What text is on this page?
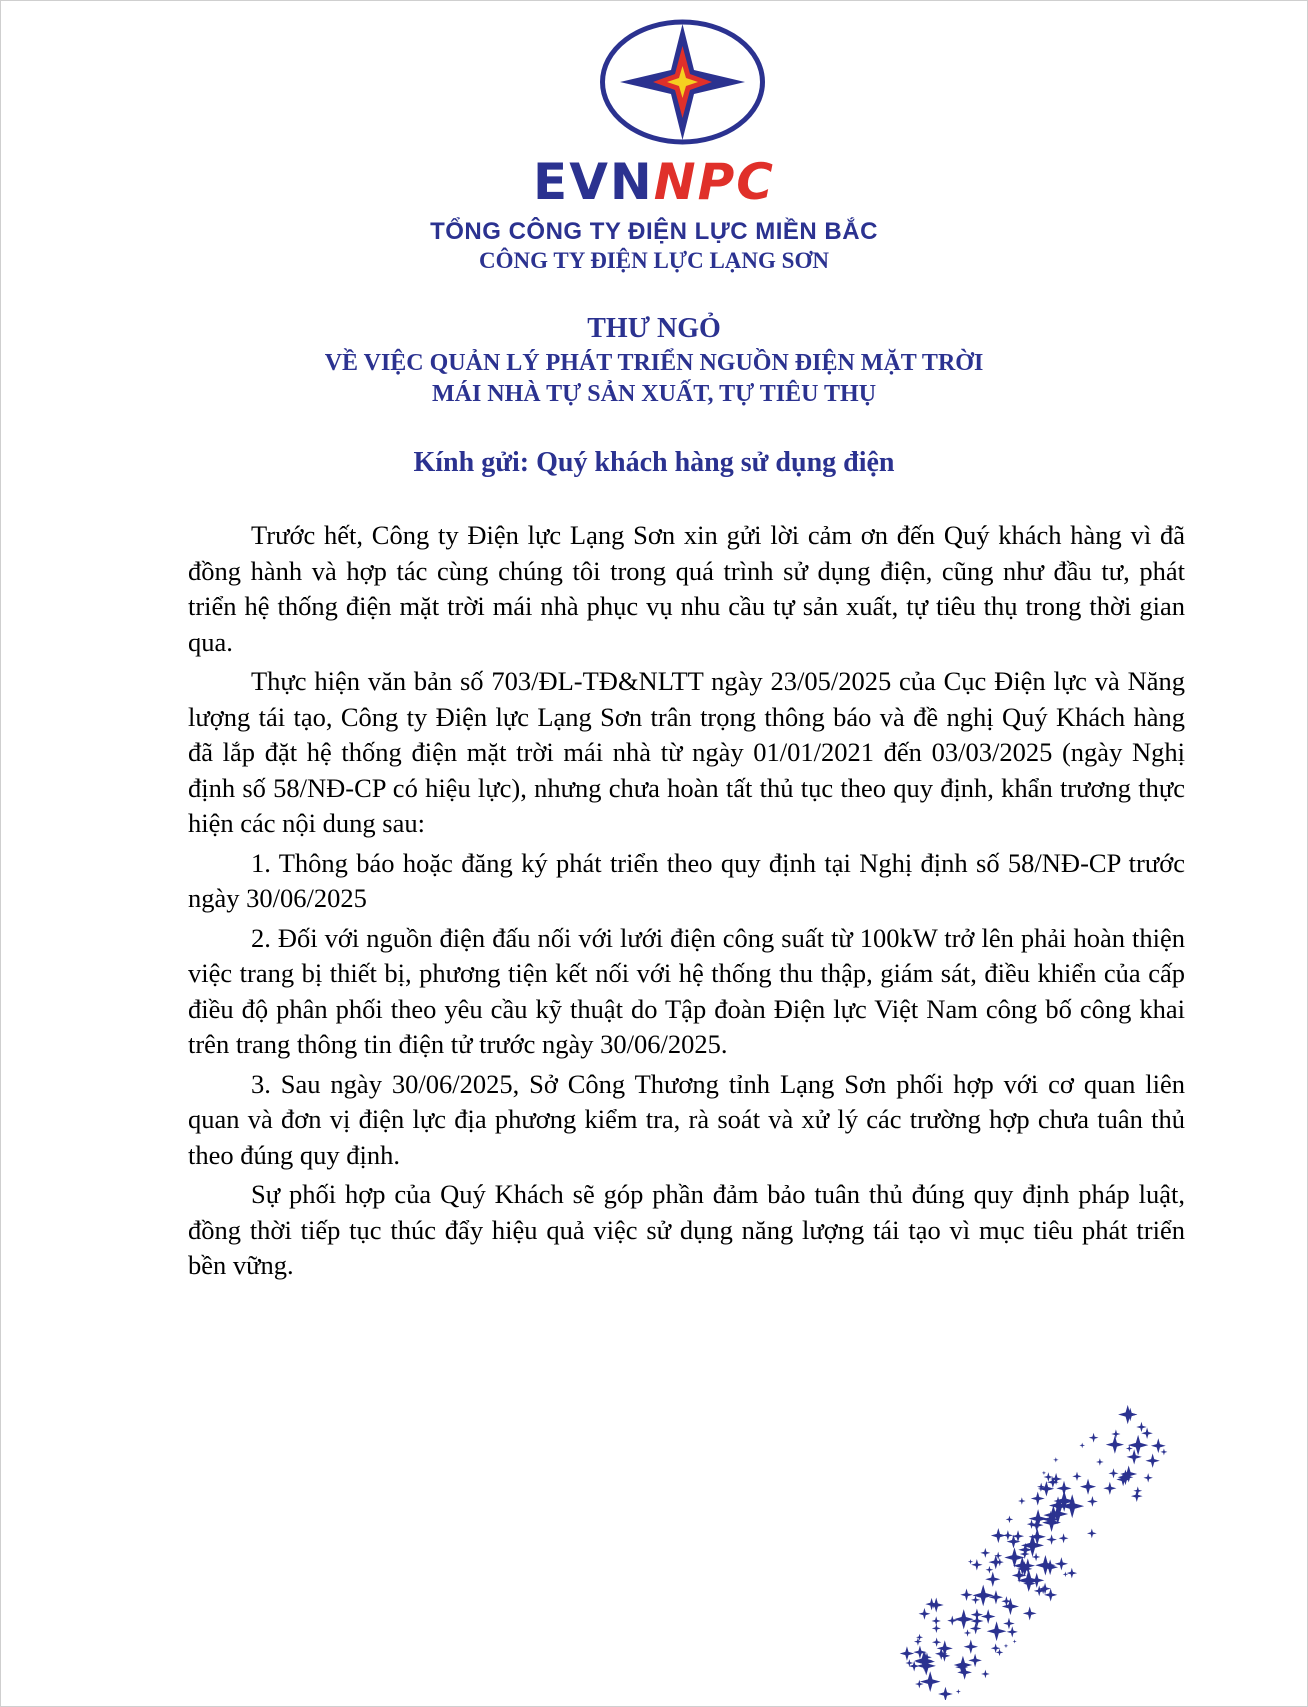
EVNNPC
TỔNG CÔNG TY ĐIỆN LỰC MIỀN BẮC
CÔNG TY ĐIỆN LỰC LẠNG SƠN
THƯ NGỎ
VỀ VIỆC QUẢN LÝ PHÁT TRIỂN NGUỒN ĐIỆN MẶT TRỜI
MÁI NHÀ TỰ SẢN XUẤT, TỰ TIÊU THỤ
Kính gửi: Quý khách hàng sử dụng điện

Trước hết, Công ty Điện lực Lạng Sơn xin gửi lời cảm ơn đến Quý khách hàng vì đã đồng hành và hợp tác cùng chúng tôi trong quá trình sử dụng điện, cũng như đầu tư, phát triển hệ thống điện mặt trời mái nhà phục vụ nhu cầu tự sản xuất, tự tiêu thụ trong thời gian qua.

Thực hiện văn bản số 703/ĐL-TĐ&NLTT ngày 23/05/2025 của Cục Điện lực và Năng lượng tái tạo, Công ty Điện lực Lạng Sơn trân trọng thông báo và đề nghị Quý Khách hàng đã lắp đặt hệ thống điện mặt trời mái nhà từ ngày 01/01/2021 đến 03/03/2025 (ngày Nghị định số 58/NĐ-CP có hiệu lực), nhưng chưa hoàn tất thủ tục theo quy định, khẩn trương thực hiện các nội dung sau:

1. Thông báo hoặc đăng ký phát triển theo quy định tại Nghị định số 58/NĐ-CP trước ngày 30/06/2025

2. Đối với nguồn điện đấu nối với lưới điện công suất từ 100kW trở lên phải hoàn thiện việc trang bị thiết bị, phương tiện kết nối với hệ thống thu thập, giám sát, điều khiển của cấp điều độ phân phối theo yêu cầu kỹ thuật do Tập đoàn Điện lực Việt Nam công bố công khai trên trang thông tin điện tử trước ngày 30/06/2025.

3. Sau ngày 30/06/2025, Sở Công Thương tỉnh Lạng Sơn phối hợp với cơ quan liên quan và đơn vị điện lực địa phương kiểm tra, rà soát và xử lý các trường hợp chưa tuân thủ theo đúng quy định.

Sự phối hợp của Quý Khách sẽ góp phần đảm bảo tuân thủ đúng quy định pháp luật, đồng thời tiếp tục thúc đẩy hiệu quả việc sử dụng năng lượng tái tạo vì mục tiêu phát triển bền vững.
